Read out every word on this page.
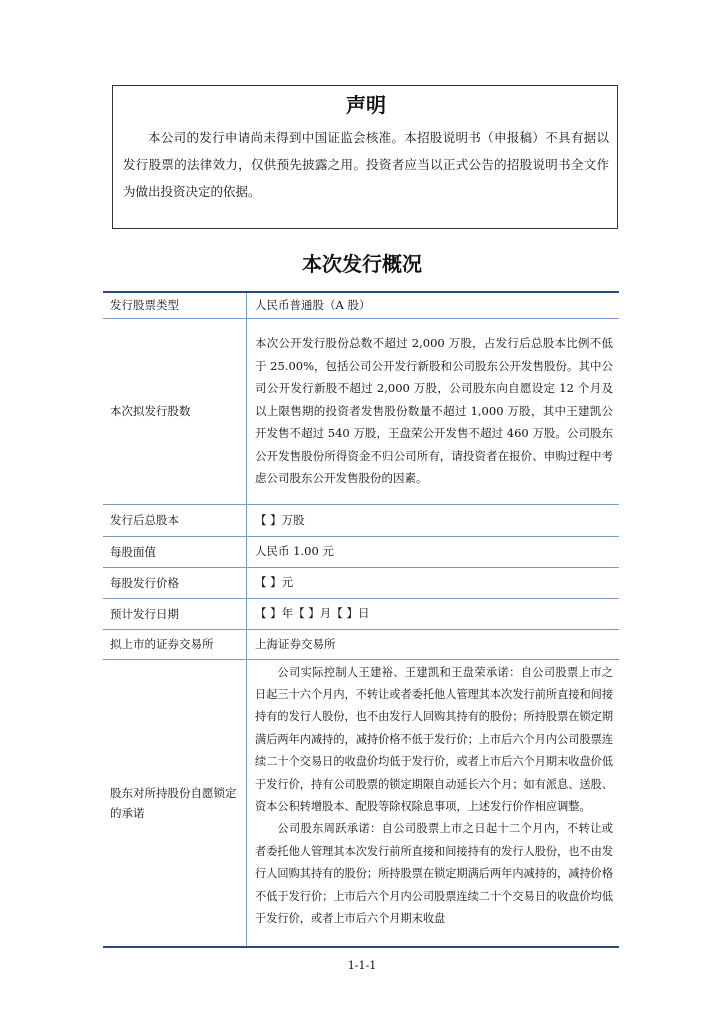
声明

本公司的发行申请尚未得到中国证监会核准。本招股说明书（申报稿）不具有据以发行股票的法律效力，仅供预先披露之用。投资者应当以正式公告的招股说明书全文作为做出投资决定的依据。

本次发行概况
发行股票类型	人民币普通股（A 股）
本次拟发行股数	本次公开发行股份总数不超过 2,000 万股，占发行后总股本比例不低于 25.00%，包括公司公开发行新股和公司股东公开发售股份。其中公司公开发行新股不超过 2,000 万股，公司股东向自愿设定 12 个月及以上限售期的投资者发售股份数量不超过 1,000 万股，其中王建凯公开发售不超过 540 万股，王盘荣公开发售不超过 460 万股。公司股东公开发售股份所得资金不归公司所有，请投资者在报价、申购过程中考虑公司股东公开发售股份的因素。
发行后总股本	【 】万股
每股面值	人民币 1.00 元
每股发行价格	【 】元
预计发行日期	【 】年【 】月【 】日
拟上市的证券交易所	上海证券交易所
股东对所持股份自愿锁定的承诺	公司实际控制人王建裕、王建凯和王盘荣承诺：自公司股票上市之日起三十六个月内，不转让或者委托他人管理其本次发行前所直接和间接持有的发行人股份，也不由发行人回购其持有的股份；所持股票在锁定期满后两年内减持的，减持价格不低于发行价；上市后六个月内公司股票连续二十个交易日的收盘价均低于发行价，或者上市后六个月期末收盘价低于发行价，持有公司股票的锁定期限自动延长六个月；如有派息、送股、资本公积转增股本、配股等除权除息事项，上述发行价作相应调整。

公司股东周跃承诺：自公司股票上市之日起十二个月内，不转让或者委托他人管理其本次发行前所直接和间接持有的发行人股份，也不由发行人回购其持有的股份；所持股票在锁定期满后两年内减持的，减持价格不低于发行价；上市后六个月内公司股票连续二十个交易日的收盘价均低于发行价，或者上市后六个月期末收盘

1-1-1
